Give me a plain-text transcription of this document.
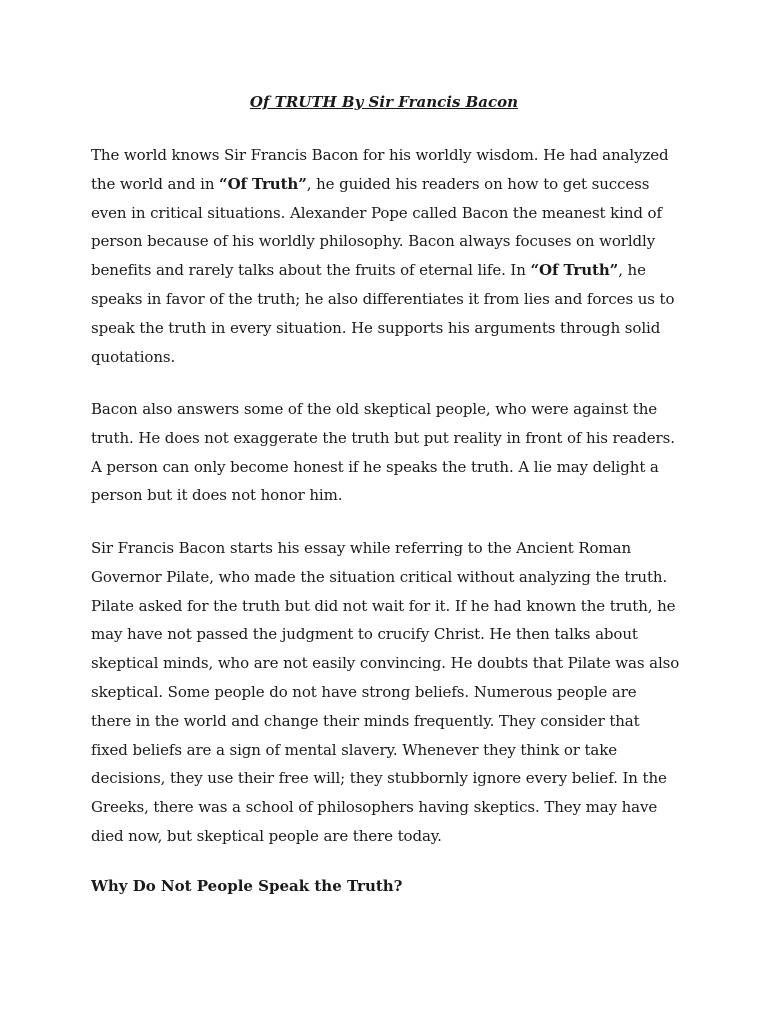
Of TRUTH By Sir Francis Bacon

The world knows Sir Francis Bacon for his worldly wisdom. He had analyzed the world and in “Of Truth”, he guided his readers on how to get success even in critical situations. Alexander Pope called Bacon the meanest kind of person because of his worldly philosophy. Bacon always focuses on worldly benefits and rarely talks about the fruits of eternal life. In “Of Truth”, he speaks in favor of the truth; he also differentiates it from lies and forces us to speak the truth in every situation. He supports his arguments through solid quotations.

Bacon also answers some of the old skeptical people, who were against the truth. He does not exaggerate the truth but put reality in front of his readers. A person can only become honest if he speaks the truth. A lie may delight a person but it does not honor him.

Sir Francis Bacon starts his essay while referring to the Ancient Roman Governor Pilate, who made the situation critical without analyzing the truth. Pilate asked for the truth but did not wait for it. If he had known the truth, he may have not passed the judgment to crucify Christ. He then talks about skeptical minds, who are not easily convincing. He doubts that Pilate was also skeptical. Some people do not have strong beliefs. Numerous people are there in the world and change their minds frequently. They consider that fixed beliefs are a sign of mental slavery. Whenever they think or take decisions, they use their free will; they stubbornly ignore every belief. In the Greeks, there was a school of philosophers having skeptics. They may have died now, but skeptical people are there today.

Why Do Not People Speak the Truth?
